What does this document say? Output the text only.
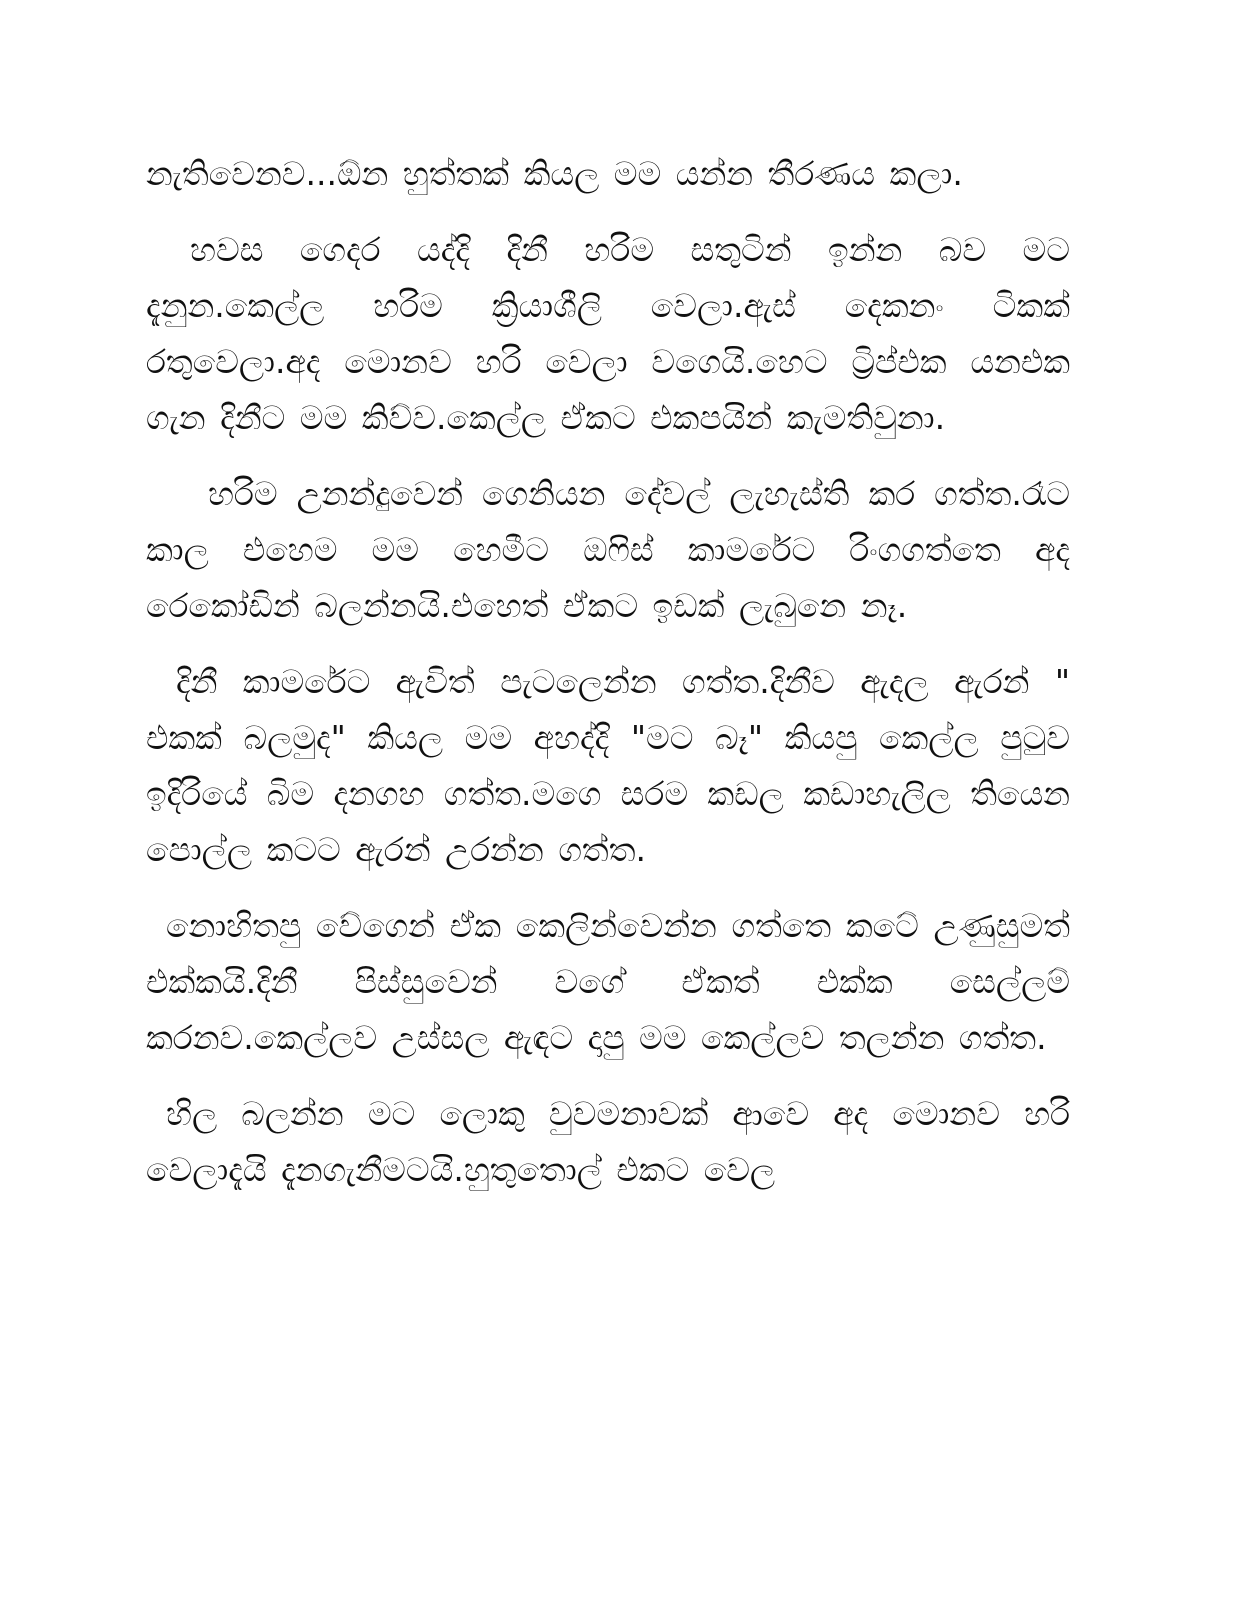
නැතිවෙනව...ඕන හුත්තක් කියල මම යන්න තීරණය කලා.

හවස ගෙදර යද්දි දිනී හරිම සතුටින් ඉන්න බව මට දැනුන.කෙල්ල හරිම ක්‍රියාශීලි වෙලා.ඇස් දෙකනං ටිකක් රතුවෙලා.අද මොනව හරි වෙලා වගෙයි.හෙට ට්‍රිප්එක යනඑක ගැන දිනීට මම කිව්ව.කෙල්ල ඒකට එකපයින් කැමතිවුනා.

හරිම උනන්දුවෙන් ගෙනියන දේවල් ලැහැස්ති කර ගත්ත.රෑට කාල එහෙම මම හෙමීට ඔෆිස් කාමරේට රිංගගත්තෙ අද රෙකෝඩින් බලන්නයි.එහෙත් ඒකට ඉඩක් ලැබුනෙ නෑ.

දිනී කාමරේට ඇවිත් පැටලෙන්න ගත්ත.දිනීව ඇදල ඇරන් " එකක් බලමුද" කියල මම අහද්දි "මට බෑ" කියපු කෙල්ල පුටුව ඉදිරියේ බිම දනගහ ගත්ත.මගෙ සරම කඩල කඩාහැලිල තියෙන පොල්ල කටට ඇරන් උරන්න ගත්ත.

නොහිතපු වේගෙන් ඒක කෙලින්වෙන්න ගත්තෙ කටේ උණුසුමත් එක්කයි.දිනී පිස්සුවෙන් වගේ ඒකත් එක්ක සෙල්ලම් කරනව.කෙල්ලව උස්සල ඇඳට දාපු මම කෙල්ලව තලන්න ගත්ත.

හිල බලන්න මට ලොකු වුවමනාවක් ආවෙ අද මොනව හරි වෙලාදැයි දැනගැනීමටයි.හුතුතොල් එකට වෙල
